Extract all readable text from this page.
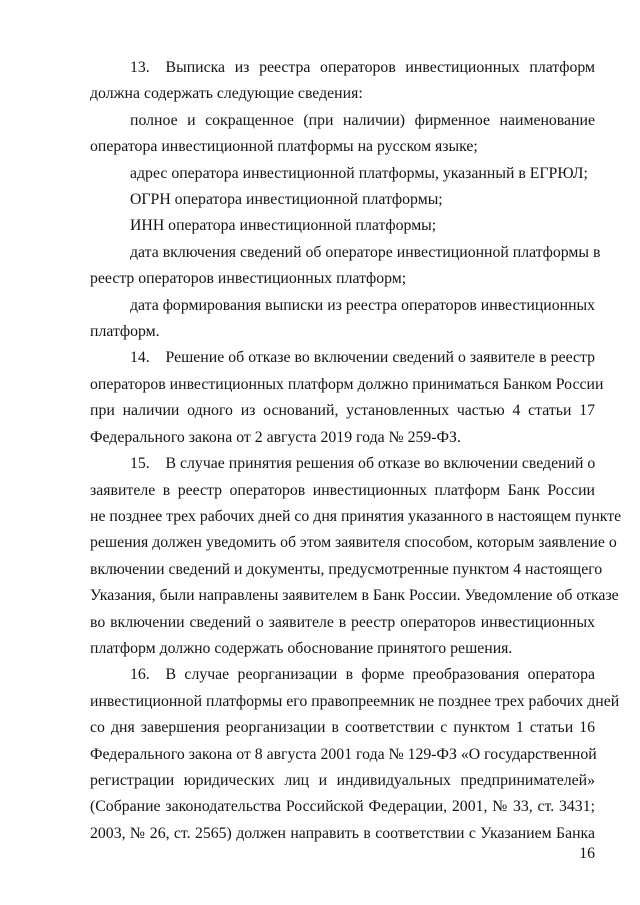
13. Выписка из реестра операторов инвестиционных платформ
должна содержать следующие сведения:

полное и сокращенное (при наличии) фирменное наименование
оператора инвестиционной платформы на русском языке;

адрес оператора инвестиционной платформы, указанный в ЕГРЮЛ;

ОГРН оператора инвестиционной платформы;

ИНН оператора инвестиционной платформы;

дата включения сведений об операторе инвестиционной платформы в
реестр операторов инвестиционных платформ;

дата формирования выписки из реестра операторов инвестиционных
платформ.

14. Решение об отказе во включении сведений о заявителе в реестр
операторов инвестиционных платформ должно приниматься Банком России
при наличии одного из оснований, установленных частью 4 статьи 17
Федерального закона от 2 августа 2019 года № 259-ФЗ.

15. В случае принятия решения об отказе во включении сведений о
заявителе в реестр операторов инвестиционных платформ Банк России
не позднее трех рабочих дней со дня принятия указанного в настоящем пункте
решения должен уведомить об этом заявителя способом, которым заявление о
включении сведений и документы, предусмотренные пунктом 4 настоящего
Указания, были направлены заявителем в Банк России. Уведомление об отказе
во включении сведений о заявителе в реестр операторов инвестиционных
платформ должно содержать обоснование принятого решения.

16. В случае реорганизации в форме преобразования оператора
инвестиционной платформы его правопреемник не позднее трех рабочих дней
со дня завершения реорганизации в соответствии с пунктом 1 статьи 16
Федерального закона от 8 августа 2001 года № 129-ФЗ «О государственной
регистрации юридических лиц и индивидуальных предпринимателей»
(Собрание законодательства Российской Федерации, 2001, № 33, ст. 3431;
2003, № 26, ст. 2565) должен направить в соответствии с Указанием Банка

16
